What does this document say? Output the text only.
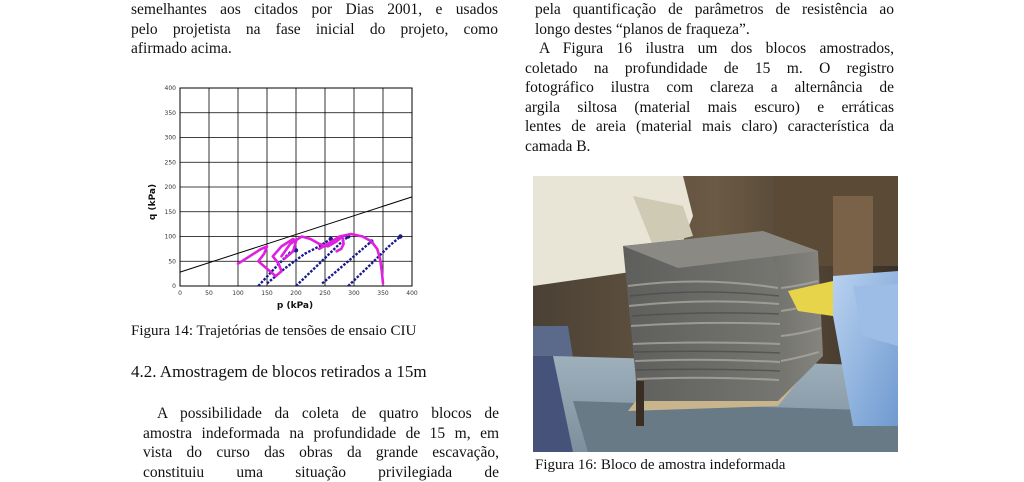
semelhantes aos citados por Dias 2001, e usados

pelo projetista na fase inicial do projeto, como

afirmado acima.

pela quantificação de parâmetros de resistência ao

longo destes “planos de fraqueza”.

A Figura 16 ilustra um dos blocos amostrados,

coletado na profundidade de 15 m. O registro

fotográfico ilustra com clareza a alternância de

argila siltosa (material mais escuro) e erráticas

lentes de areia (material mais claro) característica da

camada B.

0
50
100
150
200
250
300
350
400
0	50	100	150	200	250	300	350	400
q (kPa)
p (kPa)
Figura 14: Trajetórias de tensões de ensaio CIU
4.2. Amostragem de blocos retirados a 15m

A possibilidade da coleta de quatro blocos de

amostra indeformada na profundidade de 15 m, em

vista do curso das obras da grande escavação,

constituiu uma situação privilegiada de Figura 16: Bloco de amostra indeformada
